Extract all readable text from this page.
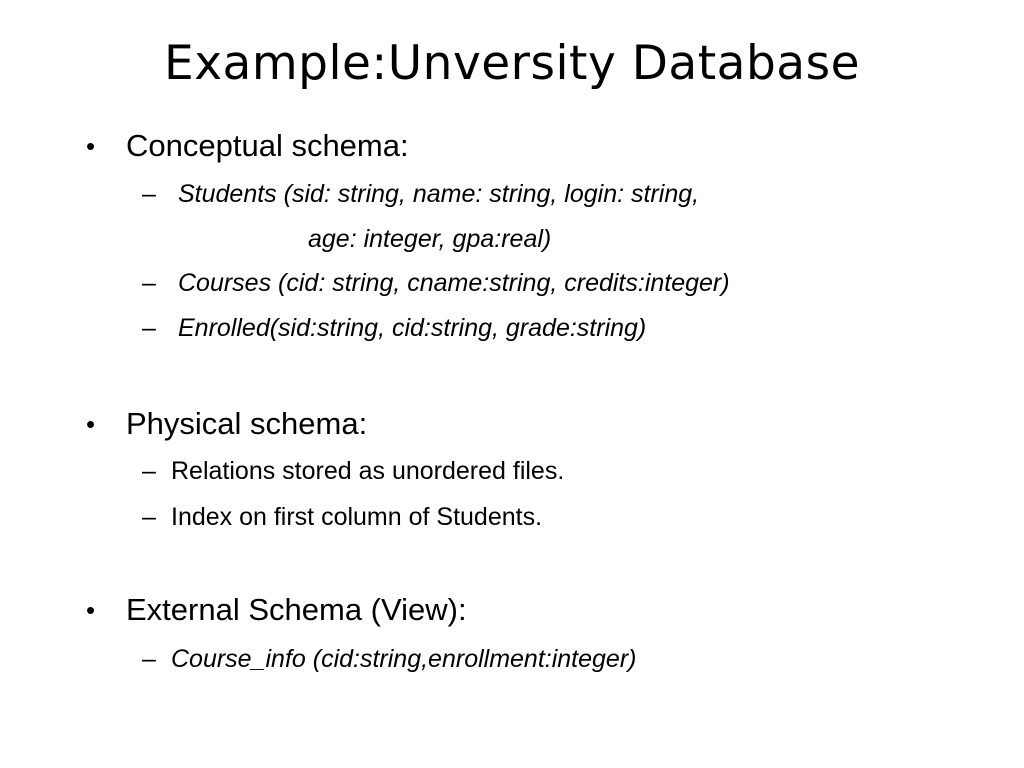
Example:Unversity Database
• Conceptual schema:
– Students (sid: string, name: string, login: string,
age: integer, gpa:real)
– Courses (cid: string, cname:string, credits:integer)
– Enrolled(sid:string, cid:string, grade:string)
• Physical schema:
– Relations stored as unordered files.
– Index on first column of Students.
• External Schema (View):
– Course_info (cid:string,enrollment:integer)
